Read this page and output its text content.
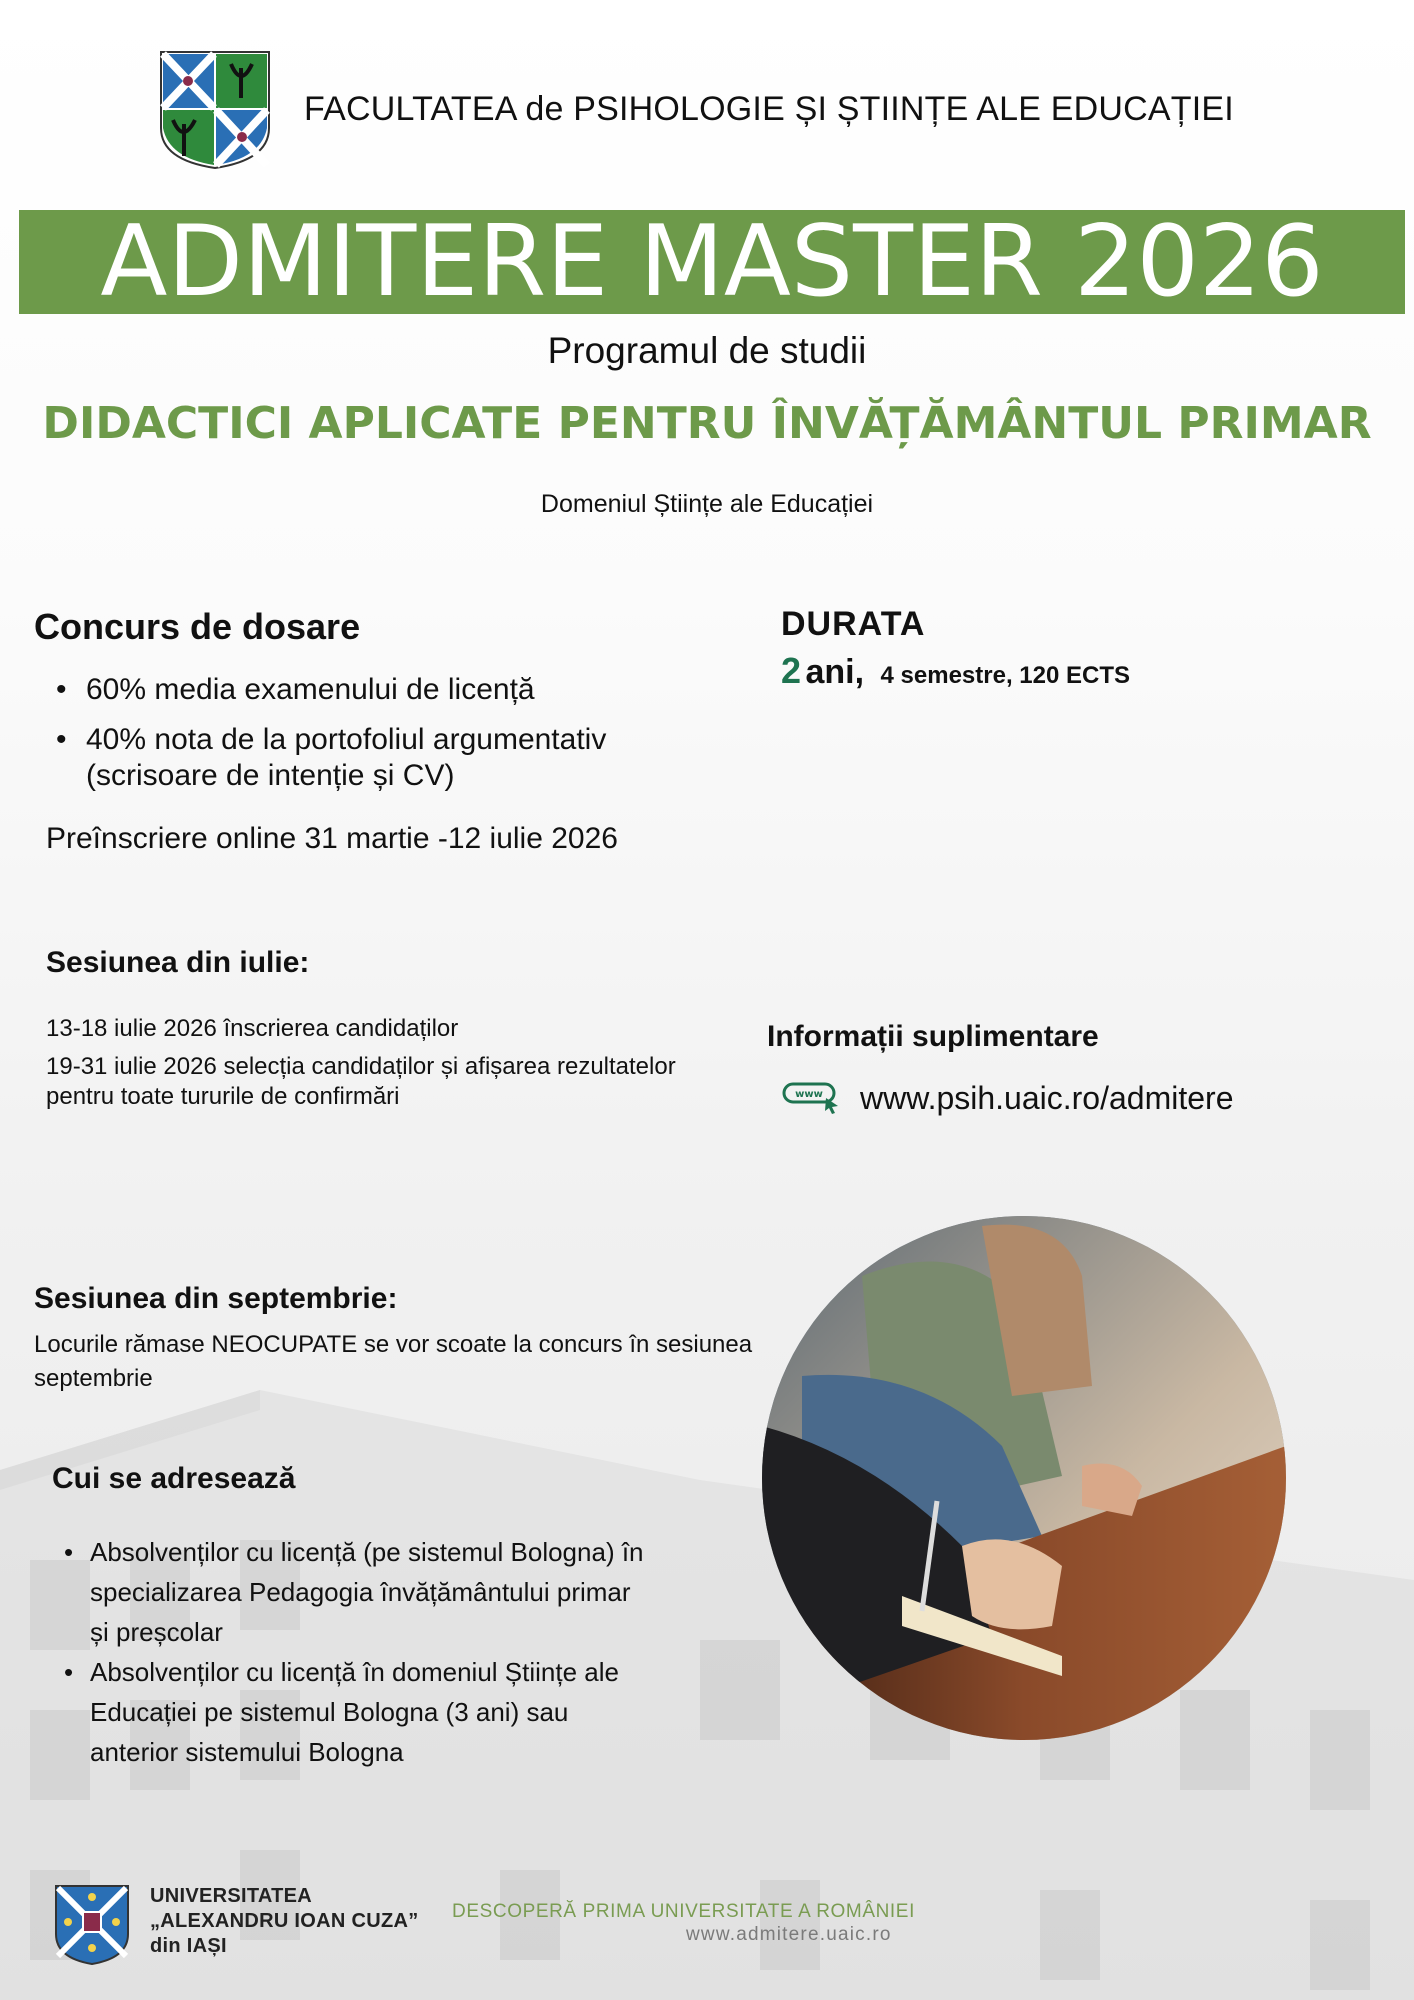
FACULTATEA de PSIHOLOGIE ȘI ȘTIINȚE ALE EDUCAȚIEI
ADMITERE MASTER 2026
Programul de studii
DIDACTICI APLICATE PENTRU ÎNVĂȚĂMÂNTUL PRIMAR
Domeniul Științe ale Educației
Concurs de dosare
• 60% media examenului de licență
• 40% nota de la portofoliul argumentativ (scrisoare de intenție și CV)
Preînscriere online 31 martie -12 iulie 2026
Sesiunea din iulie:

13-18 iulie 2026 înscrierea candidaților

19-31 iulie 2026 selecția candidaților și afișarea rezultatelor pentru toate tururile de confirmări

Sesiunea din septembrie:
Locurile rămase NEOCUPATE se vor scoate la concurs în sesiunea septembrie
Cui se adresează
• Absolvenților cu licență (pe sistemul Bologna) în specializarea Pedagogia învățământului primar și preșcolar
• Absolvenților cu licență în domeniul Științe ale Educației pe sistemul Bologna (3 ani) sau anterior sistemului Bologna
DURATA
2 ani, 4 semestre, 120 ECTS
Informații suplimentare
www www.psih.uaic.ro/admitere
UNIVERSITATEA
„ALEXANDRU IOAN CUZA”
din IAȘI
DESCOPERĂ PRIMA UNIVERSITATE A ROMÂNIEI
www.admitere.uaic.ro
